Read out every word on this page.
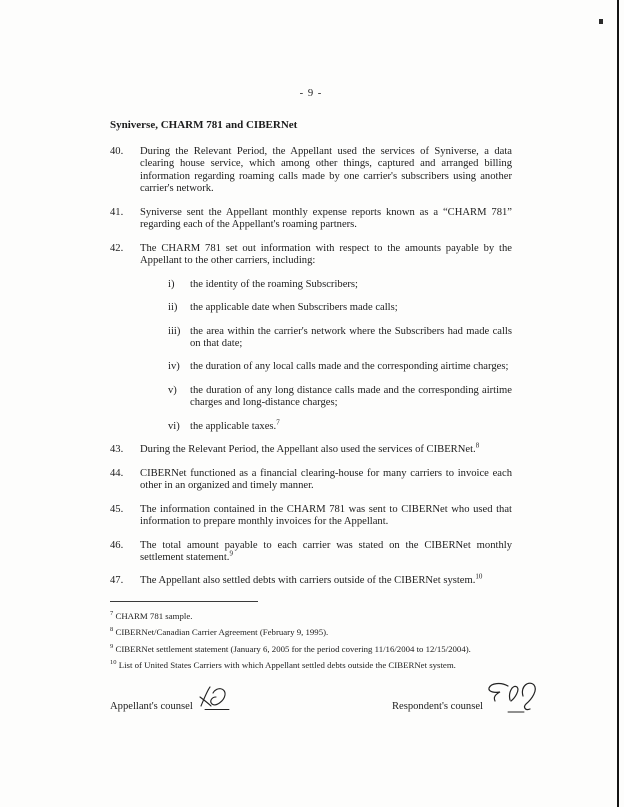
- 9 -
Syniverse, CHARM 781 and CIBERNet
40.	During the Relevant Period, the Appellant used the services of Syniverse, a data clearing house service, which among other things, captured and arranged billing information regarding roaming calls made by one carrier's subscribers using another carrier's network.
41.	Syniverse sent the Appellant monthly expense reports known as a “CHARM 781” regarding each of the Appellant's roaming partners.
42.	The CHARM 781 set out information with respect to the amounts payable by the Appellant to the other carriers, including:
i)	the identity of the roaming Subscribers;
ii)	the applicable date when Subscribers made calls;
iii) the area within the carrier's network where the Subscribers had made calls on that date;
iv) the duration of any local calls made and the corresponding airtime charges;
v)	the duration of any long distance calls made and the corresponding airtime charges and long-distance charges;
vi) the applicable taxes.$^7$
43.	During the Relevant Period, the Appellant also used the services of CIBERNet.$^8$
44.	CIBERNet functioned as a financial clearing-house for many carriers to invoice each other in an organized and timely manner.
45.	The information contained in the CHARM 781 was sent to CIBERNet who used that information to prepare monthly invoices for the Appellant.
46.	The total amount payable to each carrier was stated on the CIBERNet monthly settlement statement.$^9$
47.	The Appellant also settled debts with carriers outside of the CIBERNet system.$^{10}$
$^7$ CHARM 781 sample.
$^8$ CIBERNet/Canadian Carrier Agreement (February 9, 1995).
$^9$ CIBERNet settlement statement (January 6, 2005 for the period covering 11/16/2004 to 12/15/2004).
$^{10}$ List of United States Carriers with which Appellant settled debts outside the CIBERNet system.
Appellant's counsel	Respondent's counsel
